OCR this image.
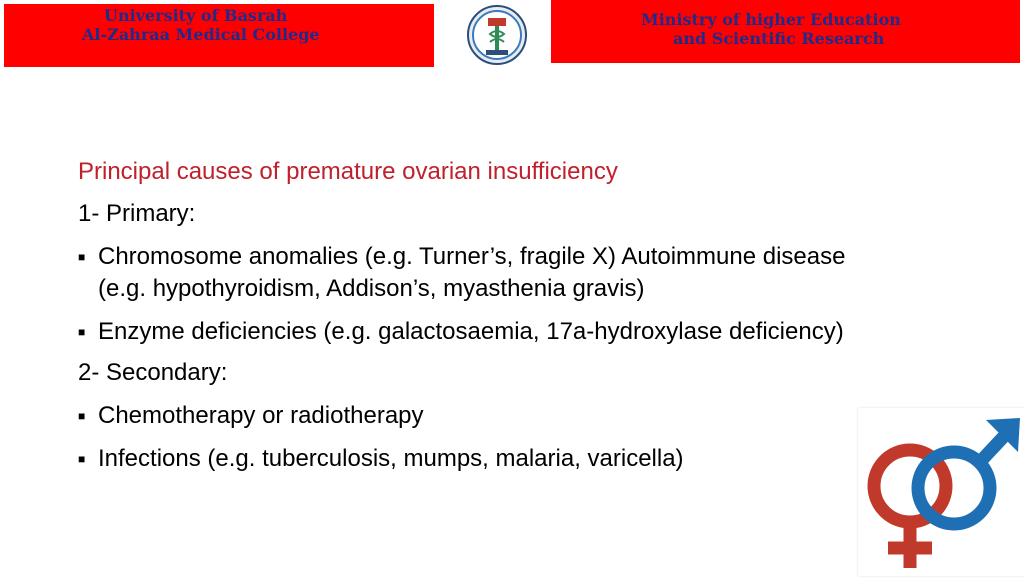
University of Basrah
Al-Zahraa Medical College
Ministry of higher Education
and Scientific Research
Principal causes of premature ovarian insufficiency
1- Primary:
■ Chromosome anomalies (e.g. Turner’s, fragile X) Autoimmune disease
(e.g. hypothyroidism, Addison’s, myasthenia gravis)
■ Enzyme deficiencies (e.g. galactosaemia, 17a-hydroxylase deficiency)
2- Secondary:
■ Chemotherapy or radiotherapy
■ Infections (e.g. tuberculosis, mumps, malaria, varicella)
